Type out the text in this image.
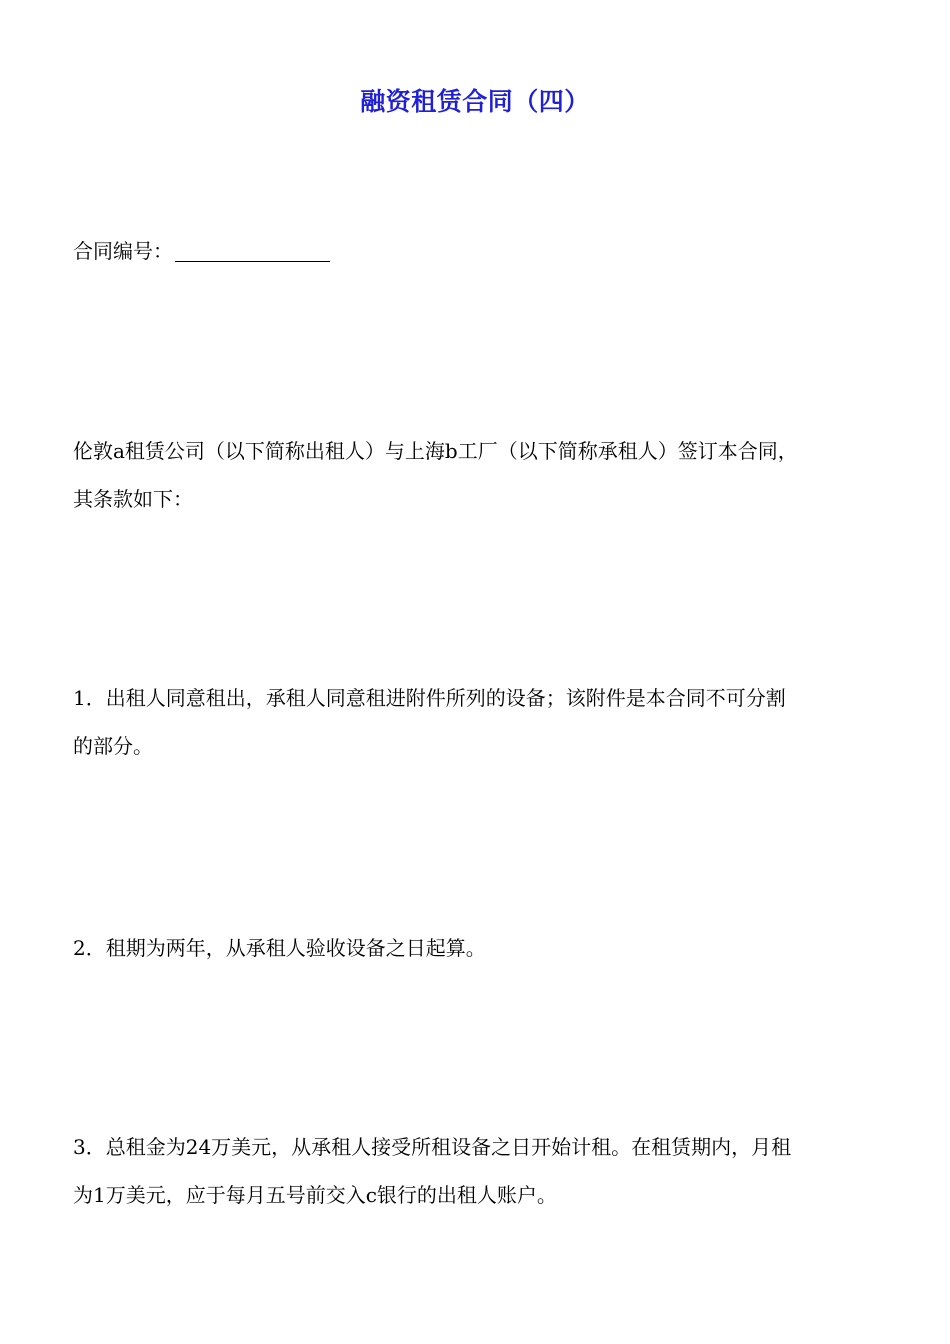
融资租赁合同（四）
合同编号：
伦敦a租赁公司（以下简称出租人）与上海b工厂（以下简称承租人）签订本合同，
其条款如下：
1．出租人同意租出，承租人同意租进附件所列的设备；该附件是本合同不可分割
的部分。
2．租期为两年，从承租人验收设备之日起算。
3．总租金为24万美元，从承租人接受所租设备之日开始计租。在租赁期内，月租
为1万美元，应于每月五号前交入c银行的出租人账户。
